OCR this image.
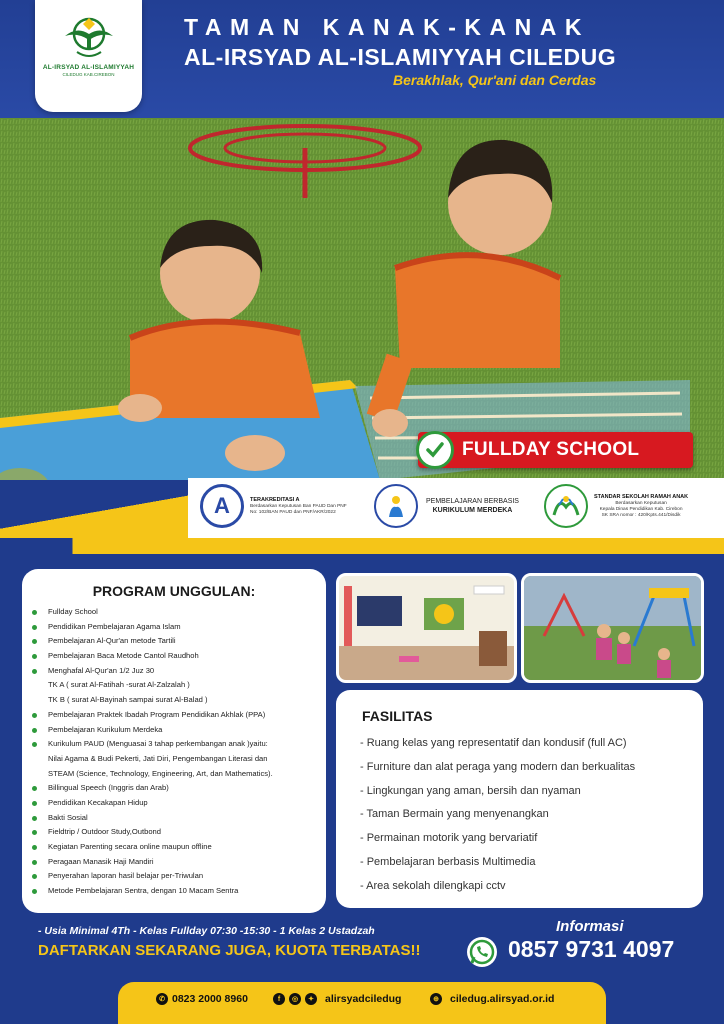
AL-IRSYAD AL-ISLAMIYYAH
CILEDUG KAB.CIREBON
TAMAN KANAK-KANAK
AL-IRSYAD AL-ISLAMIYYAH CILEDUG
Berakhlak, Qur'ani dan Cerdas
FULLDAY SCHOOL
A	TERAKREDITASI A
Berdasarkan Keputusan Ban PAUD Dan PNF
No: 102/BAN PAUD dan PNF/AKR/2022
PEMBELAJARAN BERBASIS
KURIKULUM MERDEKA
STANDAR SEKOLAH RAMAH ANAK
Berdasarkan Keputusan
Kepala Dinas Pendidikan Kab. Cirebon
SK SRA nomor : 420/Kpts.441/Disdik
PROGRAM UNGGULAN:
Fullday School
Pendidikan Pembelajaran Agama Islam
Pembelajaran Al-Qur'an metode Tartili
Pembelajaran Baca Metode Cantol Raudhoh
Menghafal Al-Qur'an 1/2 Juz 30
TK A ( surat Al-Fatihah -surat Al-Zalzalah )
TK B ( surat Al-Bayinah sampai surat Al-Balad )
Pembelajaran Praktek Ibadah Program Pendidikan Akhlak (PPA)
Pembelajaran Kurikulum Merdeka
Kurikulum PAUD (Menguasai 3 tahap perkembangan anak )yaitu:
Nilai Agama & Budi Pekerti, Jati Diri, Pengembangan Literasi dan
STEAM (Science, Technology, Engineering, Art, dan Mathematics).
Billingual Speech (Inggris dan Arab)
Pendidikan Kecakapan Hidup
Bakti Sosial
Fieldtrip / Outdoor Study,Outbond
Kegiatan Parenting secara online maupun offline
Peragaan Manasik Haji Mandiri
Penyerahan laporan hasil belajar per-Triwulan
Metode Pembelajaran Sentra, dengan 10 Macam Sentra
FASILITAS
- Ruang kelas yang representatif dan kondusif (full AC)
- Furniture dan alat peraga yang modern dan berkualitas
- Lingkungan yang aman, bersih dan nyaman
- Taman Bermain yang menyenangkan
- Permainan motorik yang bervariatif
- Pembelajaran berbasis Multimedia
- Area sekolah dilengkapi cctv
- Usia Minimal 4Th - Kelas Fullday 07:30 -15:30 - 1 Kelas 2 Ustadzah
DAFTARKAN SEKARANG JUGA, KUOTA TERBATAS!!
Informasi
0857 9731 4097
✆ 0823 2000 8960	f	◎	✦ alirsyadciledug	⊕ ciledug.alirsyad.or.id
